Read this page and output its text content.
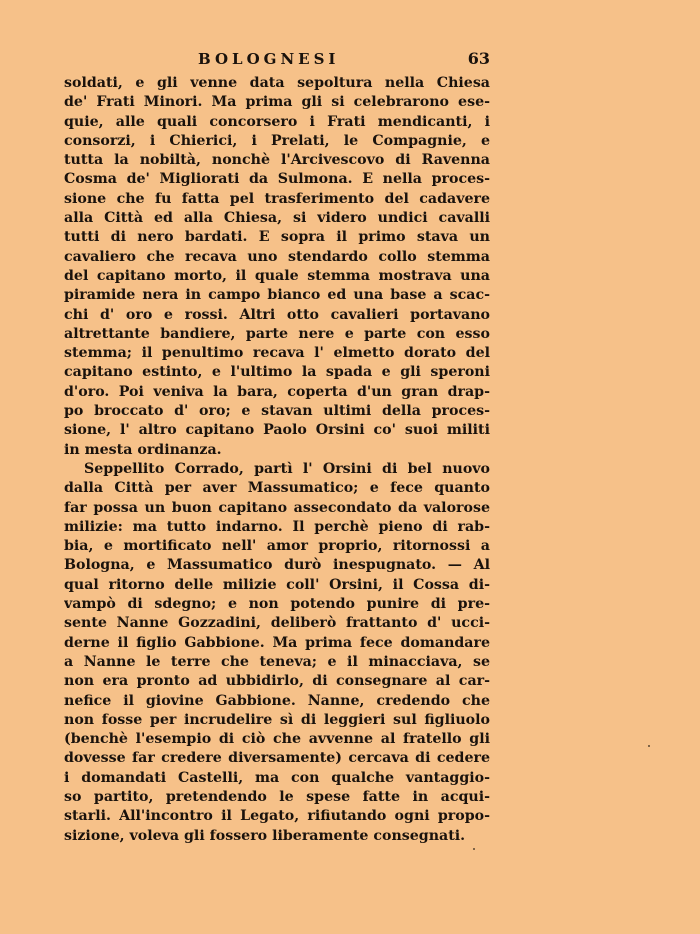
BOLOGNESI	63
soldati, e gli venne data sepoltura nella Chiesa
de' Frati Minori. Ma prima gli si celebrarono ese-
quie, alle quali concorsero i Frati mendicanti, i
consorzi, i Chierici, i Prelati, le Compagnie, e
tutta la nobiltà, nonchè l'Arcivescovo di Ravenna
Cosma de' Migliorati da Sulmona. E nella proces-
sione che fu fatta pel trasferimento del cadavere
alla Città ed alla Chiesa, si videro undici cavalli
tutti di nero bardati. E sopra il primo stava un
cavaliero che recava uno stendardo collo stemma
del capitano morto, il quale stemma mostrava una
piramide nera in campo bianco ed una base a scac-
chi d' oro e rossi. Altri otto cavalieri portavano
altrettante bandiere, parte nere e parte con esso
stemma; il penultimo recava l' elmetto dorato del
capitano estinto, e l'ultimo la spada e gli speroni
d'oro. Poi veniva la bara, coperta d'un gran drap-
po broccato d' oro; e stavan ultimi della proces-
sione, l' altro capitano Paolo Orsini co' suoi militi
in mesta ordinanza.
Seppellito Corrado, partì l' Orsini di bel nuovo
dalla Città per aver Massumatico; e fece quanto
far possa un buon capitano assecondato da valorose
milizie: ma tutto indarno. Il perchè pieno di rab-
bia, e mortificato nell' amor proprio, ritornossi a
Bologna, e Massumatico durò inespugnato. — Al
qual ritorno delle milizie coll' Orsini, il Cossa di-
vampò di sdegno; e non potendo punire di pre-
sente Nanne Gozzadini, deliberò frattanto d' ucci-
derne il figlio Gabbione. Ma prima fece domandare
a Nanne le terre che teneva; e il minacciava, se
non era pronto ad ubbidirlo, di consegnare al car-
nefice il giovine Gabbione. Nanne, credendo che
non fosse per incrudelire sì di leggieri sul figliuolo
(benchè l'esempio di ciò che avvenne al fratello gli
dovesse far credere diversamente) cercava di cedere
i domandati Castelli, ma con qualche vantaggio-
so partito, pretendendo le spese fatte in acqui-
starli. All'incontro il Legato, rifiutando ogni propo-
sizione, voleva gli fossero liberamente consegnati.
